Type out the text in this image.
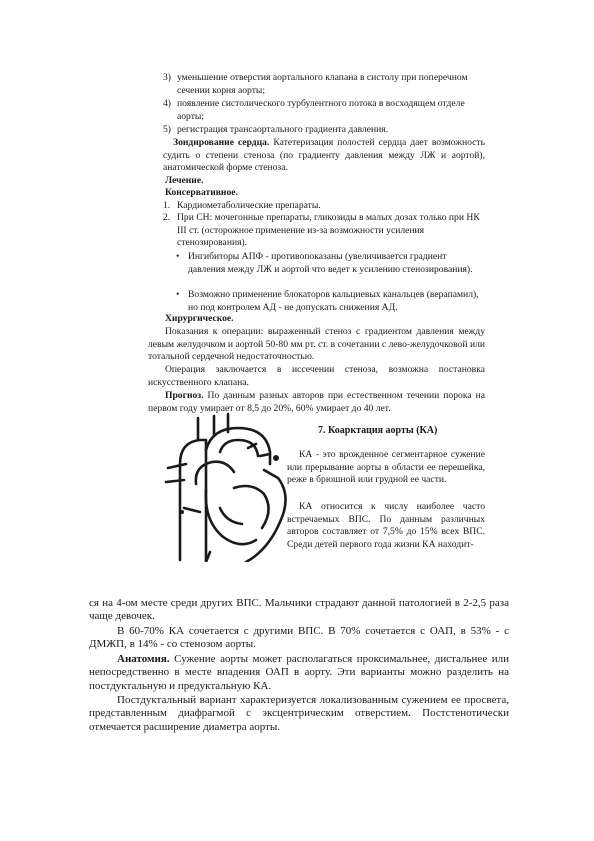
3) уменьшение отверстия аортального клапана в систолу при поперечном сечении корня аорты;
4) появление систолического турбулентного потока в восходящем отделе аорты;
5) регистрация трансаортального градиента давления.

Зондирование сердца. Катетеризация полостей сердца дает возможность судить о степени стеноза (по градиенту давления между ЛЖ и аортой), анатомической форме стеноза.

Лечение.
Консервативное.
1. Кардиометаболические препараты.
2. При СН: мочегонные препараты, гликозиды в малых дозах только при НК III ст. (осторожное применение из-за возможности усиления стенозирования).
• Ингибиторы АПФ - противопоказаны (увеличивается градиент давления между ЛЖ и аортой что ведет к усилению стенозирования).
• Возможно применение блокаторов кальциевых канальцев (верапамил), но под контролем АД - не допускать снижения АД.
Хирургическое.

Показания к операции: выраженный стеноз с градиентом давления между левым желудочком и аортой 50-80 мм рт. ст. в сочетании с лево-желудочковой или тотальной сердечной недостаточностью.

Операция заключается в иссечении стеноза, возможна постановка искусственного клапана.

Прогноз. По данным разных авторов при естественном течении порока на первом году умирает от 8,5 до 20%, 60% умирает до 40 лет.

7. Коарктация аорты (КА)

КА - это врожденное сегментарное сужение или прерывание аорты в области ее перешейка, реже в брюшной или грудной ее части.

КА относится к числу наиболее часто встречаемых ВПС. По данным различных авторов составляет от 7,5% до 15% всех ВПС. Среди детей первого года жизни КА находит-

ся на 4-ом месте среди других ВПС. Мальчики страдают данной патологией в 2-2,5 раза чаще девочек.

В 60-70% КА сочетается с другими ВПС. В 70% сочетается с ОАП, в 53% - с ДМЖП, в 14% - со стенозом аорты.

Анатомия. Сужение аорты может располагаться проксимальнее, дистальнее или непосредственно в месте впадения ОАП в аорту. Эти варианты можно разделить на постдуктальную и предуктальную КА.

Постдуктальный вариант характеризуется локализованным сужением ее просвета, представленным диафрагмой с эксцентрическим отверстием. Постстенотически отмечается расширение диаметра аорты.
